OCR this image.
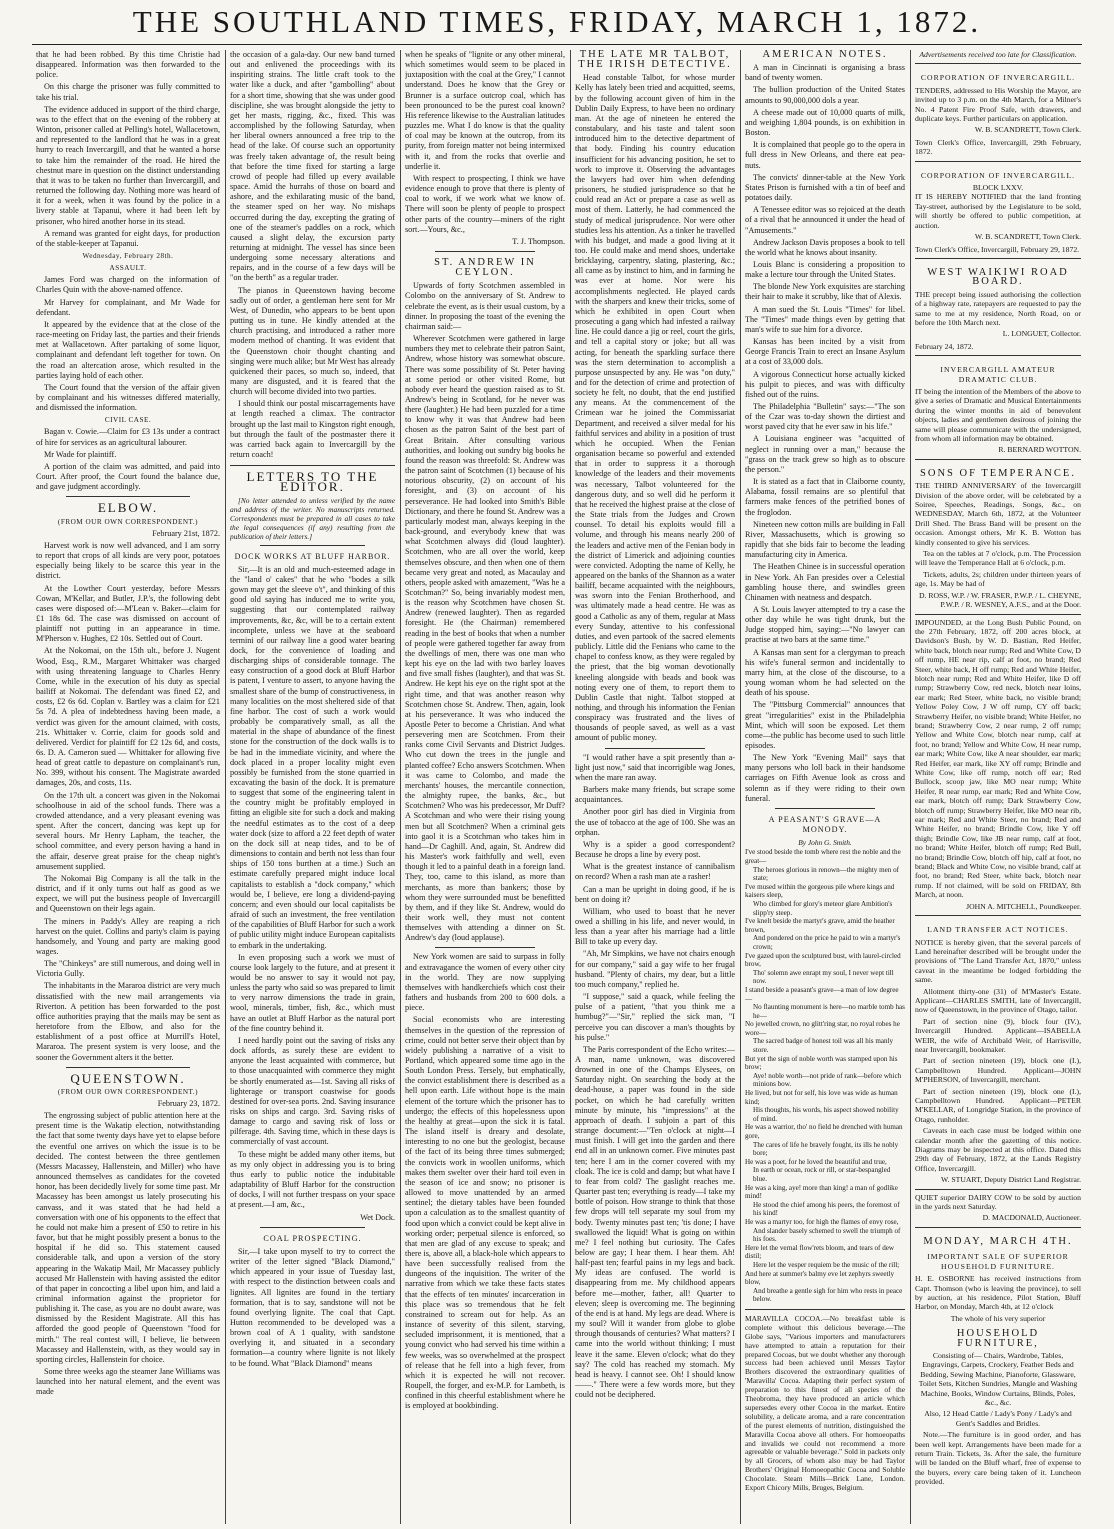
THE SOUTHLAND TIMES, FRIDAY, MARCH 1, 1872.

that he had been robbed. By this time Christie had disappeared. Information was then forwarded to the police.

On this charge the prisoner was fully committed to take his trial.

The evidence adduced in support of the third charge, was to the effect that on the evening of the robbery at Winton, prisoner called at Pelling's hotel, Wallacetown, and represented to the landlord that he was in a great hurry to reach Invercargill, and that he wanted a horse to take him the remainder of the road. He hired the chestnut mare in question on the distinct understanding that it was to be taken no further than Invercargill, and returned the following day. Nothing more was heard of it for a week, when it was found by the police in a livery stable at Tapanui, where it had been left by prisoner, who hired another horse in its stead.

A remand was granted for eight days, for production of the stable-keeper at Tapanui.

Wednesday, February 28th.
ASSAULT.

James Ford was charged on the information of Charles Quin with the above-named offence.

Mr Harvey for complainant, and Mr Wade for defendant.

It appeared by the evidence that at the close of the race-meeting on Friday last, the parties and their friends met at Wallacetown. After partaking of some liquor, complainant and defendant left together for town. On the road an altercation arose, which resulted in the parties laying hold of each other.

The Court found that the version of the affair given by complainant and his witnesses differed materially, and dismissed the information.

CIVIL CASE.

Bagan v. Cowie.—Claim for £3 13s under a contract of hire for services as an agricultural labourer.

Mr Wade for plaintiff.

A portion of the claim was admitted, and paid into Court. After proof, the Court found the balance due, and gave judgment accordingly.

ELBOW.
(FROM OUR OWN CORRESPONDENT.)
February 21st, 1872.

Harvest work is now well advanced, and I am sorry to report that crops of all kinds are very poor, potatoes especially being likely to be scarce this year in the district.

At the Lowther Court yesterday, before Messrs Cowan, M'Kellar, and Butler, J.P.'s, the following debt cases were disposed of:—M'Lean v. Baker—claim for £1 18s 6d. The case was dismissed on account of plaintiff not putting in an appearance in time. M'Pherson v. Hughes, £2 10s. Settled out of Court.

At the Nokomai, on the 15th ult., before J. Nugent Wood, Esq., R.M., Margaret Whittaker was charged with using threatening language to Charles Henry Come, while in the execution of his duty as special bailiff at Nokomai. The defendant was fined £2, and costs, £2 6s 6d. Coplan v. Bartley was a claim for £21 5s 7d. A plea of indebtedness having been made, a verdict was given for the amount claimed, with costs, 21s. Whittaker v. Corrie, claim for goods sold and delivered. Verdict for plaintiff for £2 12s 6d, and costs, 6s. D. A. Cameron sued — Whittaker for allowing five head of great cattle to depasture on complainant's run, No. 399, without his consent. The Magistrate awarded damages, 20s, and costs, 11s.

On the 17th ult. a concert was given in the Nokomai schoolhouse in aid of the school funds. There was a crowded attendance, and a very pleasant evening was spent. After the concert, dancing was kept up for several hours. Mr Henry Lapham, the teacher, the school committee, and every person having a hand in the affair, deserve great praise for the cheap night's amusement supplied.

The Nokomai Big Company is all the talk in the district, and if it only turns out half as good as we expect, we will put the business people of Invercargill and Queenstown on their legs again.

The miners in Paddy's Alley are reaping a rich harvest on the quiet. Collins and party's claim is paying handsomely, and Young and party are making good wages.

The "Chinkeys" are still numerous, and doing well in Victoria Gully.

The inhabitants in the Mararoa district are very much dissatisfied with the new mail arrangements via Riverton. A petition has been forwarded to the post office authorities praying that the mails may be sent as heretofore from the Elbow, and also for the establishment of a post office at Murrill's Hotel, Mararoa. The present system is very loose, and the sooner the Government alters it the better.

QUEENSTOWN.
(FROM OUR OWN CORRESPONDENT.)
February 23, 1872.

The engrossing subject of public attention here at the present time is the Wakatip election, notwithstanding the fact that some twenty days have yet to elapse before the eventful one arrives on which the issue is to be decided. The contest between the three gentlemen (Messrs Macassey, Hallenstein, and Miller) who have announced themselves as candidates for the coveted honor, has been decidedly lively for some time past. Mr Macassey has been amongst us lately prosecuting his canvass, and it was stated that he had held a conversation with one of his opponents to the effect that he could not make him a present of £50 to retire in his favor, but that he might possibly present a bonus to the hospital if he did so. This statement caused considerable talk, and upon a version of the story appearing in the Wakatip Mail, Mr Macassey publicly accused Mr Hallenstein with having assisted the editor of that paper in concocting a libel upon him, and laid a criminal information against the proprietor for publishing it. The case, as you are no doubt aware, was dismissed by the Resident Magistrate. All this has afforded the good people of Queenstown "food for mirth." The real contest will, I believe, lie between Macassey and Hallenstein, with, as they would say in sporting circles, Hallenstein for choice.

Some three weeks ago the steamer Jane Williams was launched into her natural element, and the event was made

the occasion of a gala-day. Our new band turned out and enlivened the proceedings with its inspiriting strains. The little craft took to the water like a duck, and after "gambolling" about for a short time, showing that she was under good discipline, she was brought alongside the jetty to get her masts, rigging, &c., fixed. This was accomplished by the following Saturday, when her liberal owners announced a free trip to the head of the lake. Of course such an opportunity was freely taken advantage of, the result being that before the time fixed for starting a large crowd of people had filled up every available space. Amid the hurrahs of those on board and ashore, and the exhilarating music of the band, the steamer sped on her way. No mishaps occurred during the day, excepting the grating of one of the steamer's paddles on a rock, which caused a slight delay, the excursion party returning at midnight. The vessel has since been undergoing some necessary alterations and repairs, and in the course of a few days will be "on the berth" as a regular trader.

The pianos in Queenstown having become sadly out of order, a gentleman here sent for Mr West, of Dunedin, who appears to be bent upon putting us in tune. He kindly attended at the church practising, and introduced a rather more modern method of chanting. It was evident that the Queenstown choir thought chanting and singing were much alike; but Mr West has already quickened their paces, so much so, indeed, that many are disgusted, and it is feared that the church will become divided into two parties.

I should think our postal miscarragements have at length reached a climax. The contractor brought up the last mail to Kingston right enough, but through the fault of the postmaster there it was carried back again to Invercargill by the return coach!

LETTERS TO THE EDITOR.

[No letter attended to unless verified by the name and address of the writer. No manuscripts returned. Correspondents must be prepared in all cases to take the legal consequences (if any) resulting from the publication of their letters.]

DOCK WORKS AT BLUFF HARBOR.

Sir,—It is an old and much-esteemed adage in the "land o' cakes" that he who "bodes a silk gown may get the sleeve o't", and thinking of this good old saying has induced me to write you, suggesting that our contemplated railway improvements, &c, &c, will be to a certain extent incomplete, unless we have at the seaboard termini of our railway line a good water bearing dock, for the convenience of loading and discharging ships of considerable tonnage. The easy construction of a good dock at Bluff Harbor is patent, I venture to assert, to anyone having the smallest share of the bump of constructiveness, in many localities on the most sheltered side of that fine harbor. The cost of such a work would probably be comparatively small, as all the material in the shape of abundance of the finest stone for the construction of the dock walls is to be had in the immediate vicinity, and where the dock placed in a proper locality might even possibly be furnished from the stone quarried in excavating the basin of the dock. It is premature to suggest that some of the engineering talent in the country might be profitably employed in fitting an eligible site for such a dock and making the needful estimates as to the cost of a deep water dock (size to afford a 22 feet depth of water on the dock sill at neap tides, and to be of dimensions to contain and berth not less than four ships of 150 tons burthen at a time.) Such an estimate carefully prepared might induce local capitalists to establish a "dock company," which would be, I believe, ere long a dividend-paying concern; and even should our local capitalists be afraid of such an investment, the free ventilation of the capabilities of Bluff Harbor for such a work of public utility might induce European capitalists to embark in the undertaking.

In even proposing such a work we must of course look largely to the future, and at present it would be no answer to say it would not pay, unless the party who said so was prepared to limit to very narrow dimensions the trade in grain, wool, minerals, timber, fish, &c., which must have an outlet at Bluff Harbor as the natural port of the fine country behind it.

I need hardly point out the saving of risks any dock affords, as surely these are evident to anyone the least acquainted with commerce, but to those unacquainted with commerce they might be shortly enumerated as—1st. Saving all risks of lighterage or transport coastwise for goods destined for over-sea ports. 2nd. Saving insurance risks on ships and cargo. 3rd. Saving risks of damage to cargo and saving risk of loss or pilferage. 4th. Saving time, which in these days is commercially of vast account.

To these might be added many other items, but as my only object in addressing you is to bring thus early to public notice the indubitable adaptability of Bluff Harbor for the construction of docks, I will not further trespass on your space at present.—I am, &c.,

Wet Dock.
COAL PROSPECTING.

Sir,—I take upon myself to try to correct the writer of the letter signed "Black Diamond," which appeared in your issue of Tuesday last, with respect to the distinction between coals and lignites. All lignites are found in the tertiary formation, that is to say, sandstone will not be found overlying lignite. The coal that Capt. Hutton recommended to be developed was a brown coal of A 1 quality, with sandstone overlying it, and situated in a secondary formation—a country where lignite is not likely to be found. What "Black Diamond" means

when he speaks of "lignite or any other mineral, which sometimes would seem to be placed in juxtaposition with the coal at the Grey," I cannot understand. Does he know that the Grey or Brunner is a surface outcrop coal, which has been pronounced to be the purest coal known? His reference likewise to the Australian latitudes puzzles me. What I do know is that the quality of coal may be known at the outcrop, from its purity, from foreign matter not being intermixed with it, and from the rocks that overlie and underlie it.

With respect to prospecting, I think we have evidence enough to prove that there is plenty of coal to work, if we work what we know of. There will soon be plenty of people to prospect other parts of the country—miners of the right sort.—Yours, &c.,

T. J. Thompson.
ST. ANDREW IN CEYLON.

Upwards of forty Scotchmen assembled in Colombo on the anniversary of St. Andrew to celebrate the event, as is their usual custom, by a dinner. In proposing the toast of the evening the chairman said:—

Wherever Scotchmen were gathered in large numbers they met to celebrate their patron Saint, Andrew, whose history was somewhat obscure. There was some possibility of St. Peter having at some period or other visited Rome, but nobody ever heard the question raised as to St. Andrew's being in Scotland, for he never was there (laughter.) He had been puzzled for a time to know why it was that Andrew had been chosen as the patron Saint of the best part of Great Britain. After consulting various authorities, and looking out sundry big books he found the reason was threefold: St. Andrew was the patron saint of Scotchmen (1) because of his notorious obscurity, (2) on account of his foresight, and (3) on account of his perseverance. He had looked into Smith's Bible Dictionary, and there he found St. Andrew was a particularly modest man, always keeping in the back-ground, and everybody knew that was what Scotchmen always did (loud laughter). Scotchmen, who are all over the world, keep themselves obscure, and then when one of them became very great and noted, as Macaulay and others, people asked with amazement, "Was he a Scotchman?" So, being invariably modest men, is the reason why Scotchmen have chosen St. Andrew (renewed laughter). Then as regarded foresight. He (the Chairman) remembered reading in the best of books that when a number of people were gathered together far away from the dwellings of men, there was one man who kept his eye on the lad with two barley loaves and five small fishes (laughter), and that was St. Andrew. He kept his eye on the right spot at the right time, and that was another reason why Scotchmen chose St. Andrew. Then, again, look at his perseverance. It was who induced the Apostle Peter to become a Christian. And what persevering men are Scotchmen. From their ranks come Civil Servants and District Judges. Who cut down the trees in the jungle and planted coffee? Echo answers Scotchmen. When it was came to Colombo, and made the merchants' houses, the mercantile connection, the almighty rupee, the banks, &c., but Scotchmen? Who was his predecessor, Mr Duff? A Scotchman and who were their rising young men but all Scotchmen? When a criminal gets into gaol it is a Scotchman who takes him in hand—Dr Caghill. And, again, St. Andrew did his Master's work faithfully and well, even though it led to a painful death in a foreign land. They, too, came to this island, as more than merchants, as more than bankers; those by whom they were surrounded must be benefitted by them, and if they like St. Andrew, would do their work well, they must not content themselves with attending a dinner on St. Andrew's day (loud applause).

New York women are said to surpass in folly and extravagance the women of every other city in the world. They are now supplying themselves with handkerchiefs which cost their fathers and husbands from 200 to 600 dols. a piece.

Social economists who are interesting themselves in the question of the repression of crime, could not better serve their object than by widely publishing a narrative of a visit to Portland, which appeared some time ago in the South London Press. Tersely, but emphatically, the convict establishment there is described as a hell upon earth. Life without hope is the main element of the torture which the prisoner has to undergo; the effects of this hopelessness upon the healthy at great—upon the sick it is fatal. The island itself is dreary and desolate, interesting to no one but the geologist, because of the fact of its being three times submerged; the convicts work in woollen uniforms, which makes them swelter over their hard toil even in the season of ice and snow; no prisoner is allowed to move unattended by an armed sentinel; the dietary tables have been founded upon a calculation as to the smallest quantity of food upon which a convict could be kept alive in working order; perpetual silence is enforced, so that men are glad of any excuse to speak; and there is, above all, a black-hole which appears to have been successfully realised from the dungeons of the inquisition. The writer of the narrative from which we take these facts states that the effects of ten minutes' incarceration in this place was so tremendous that he felt constrained to scream out for help. As an instance of severity of this silent, starving, secluded imprisonment, it is mentioned, that a young convict who had served his time within a few weeks, was so overwhelmed at the prospect of release that he fell into a high fever, from which it is expected he will not recover. Roupell, the forger, and ex-M.P. for Lambeth, is confined in this cheerful establishment where he is employed at bookbinding.

THE LATE MR TALBOT, THE IRISH DETECTIVE.

Head constable Talbot, for whose murder Kelly has lately been tried and acquitted, seems, by the following account given of him in the Dublin Daily Express, to have been no ordinary man. At the age of nineteen he entered the constabulary, and his taste and talent soon introduced him to the detective department of that body. Finding his country education insufficient for his advancing position, he set to work to improve it. Observing the advantages the lawyers had over him when defending prisoners, he studied jurisprudence so that he could read an Act or prepare a case as well as most of them. Latterly, he had commenced the study of medical jurisprudence. Nor were other studies less his attention. As a tinker he travelled with his budget, and made a good living at it too. He could make and mend shoes, undertake bricklaying, carpentry, slating, plastering, &c.; all came as by instinct to him, and in farming he was ever at home. Nor were his accomplishments neglected. He played cards with the sharpers and knew their tricks, some of which he exhibited in open Court when prosecuting a gang which had infested a railway line. He could dance a jig or reel, court the girls, and tell a capital story or joke; but all was acting, for beneath the sparkling surface there was the stern determination to accomplish a purpose unsuspected by any. He was "on duty," and for the detection of crime and protection of society he felt, no doubt, that the end justified any means. At the commencement of the Crimean war he joined the Commissariat Department, and received a silver medal for his faithful services and ability in a position of trust which he occupied. When the Fenian organisation became so powerful and extended that in order to suppress it a thorough knowledge of the leaders and their movements was necessary, Talbot volunteered for the dangerous duty, and so well did he perform it that he received the highest praise at the close of the State trials from the Judges and Crown counsel. To detail his exploits would fill a volume, and through his means nearly 200 of the leaders and active men of the Fenian body in the district of Limerick and adjoining counties were convicted. Adopting the name of Kelly, he appeared on the banks of the Shannon as a water bailiff, became acquainted with the neighbours, was sworn into the Fenian Brotherhood, and was ultimately made a head centre. He was as good a Catholic as any of them, regular at Mass every Sunday, attentive to his confessional duties, and even partook of the sacred elements publicly. Little did the Fenians who came to the chapel to confess know, as they were regaled by the priest, that the big woman devotionally kneeling alongside with beads and book was noting every one of them, to report them to Dublin Castle that night. Talbot stopped at nothing, and through his information the Fenian conspiracy was frustrated and the lives of thousands of people saved, as well as a vast amount of public money.

"I would rather have a spit presently than a-light just now," said that incorrigible wag Jones, when the mare ran away.

Barbers make many friends, but scrape some acquaintances.

Another poor girl has died in Virginia from the use of tobacco at the age of 100. She was an orphan.

Why is a spider a good correspondent? Because he drops a line by every post.

What is the greatest instance of cannibalism on record? When a rash man ate a rasher!

Can a man be upright in doing good, if he is bent on doing it?

William, who used to boast that he never owed a shilling in his life, and never would, in less than a year after his marriage had a little Bill to take up every day.

"Ah, Mr Simpkins, we have not chairs enough for our company," said a gay wife to her frugal husband. "Plenty of chairs, my dear, but a little too much company," replied he.

"I suppose," said a quack, while feeling the pulse of a patient, "that you think me a humbug?"—"Sir," replied the sick man, "I perceive you can discover a man's thoughts by his pulse."

The Paris correspondent of the Echo writes:—A man, name unknown, was discovered drowned in one of the Champs Elysees, on Saturday night. On searching the body at the dead-house, a paper was found in the side pocket, on which he had carefully written minute by minute, his "impressions" at the approach of death. I subjoin a part of this strange document:—"Ten o'clock at night—I must finish. I will get into the garden and there end all in an unknown corner. Five minutes past ten; here I am in the corner covered with my cloak. The ice is cold and damp; but what have I to fear from cold? The gaslight reaches me. Quarter past ten; everything is ready—I take my bottle of poison. How strange to think that those few drops will tell separate my soul from my body. Twenty minutes past ten; 'tis done; I have swallowed the liquid! What is going on within me? I feel nothing but curiosity. The Cafes below are gay; I hear them. I hear them. Ah! half-past ten; fearful pains in my legs and back. My ideas are confused. The world is disappearing from me. My childhood appears before me—mother, father, all! Quarter to eleven; sleep is overcoming me. The beginning of the end is at hand. My legs are dead. Where is my soul? Will it wander from globe to globe through thousands of centuries? What matters? I came into the world without thinking; I must leave it the same. Eleven o'clock; what do they say? The cold has reached my stomach. My head is heavy. I cannot see. Oh! I should know ——." There were a few words more, but they could not be deciphered.

AMERICAN NOTES.

A man in Cincinnati is organising a brass band of twenty women.

The bullion production of the United States amounts to 90,000,000 dols a year.

A cheese made out of 10,000 quarts of milk, and weighing 1,804 pounds, is on exhibition in Boston.

It is complained that people go to the opera in full dress in New Orleans, and there eat pea-nuts.

The convicts' dinner-table at the New York States Prison is furnished with a tin of beef and potatoes daily.

A Tenessee editor was so rejoiced at the death of a rival that he announced it under the head of "Amusements."

Andrew Jackson Davis proposes a book to tell the world what he knows about insanity.

Louis Blanc is considering a proposition to make a lecture tour through the United States.

The blonde New York exquisites are starching their hair to make it scrubby, like that of Alexis.

A man sued the St. Louis "Times" for libel. The "Times" made things even by getting that man's wife to sue him for a divorce.

Kansas has been incited by a visit from George Francis Train to erect an Insane Asylum at a cost of 33,000 dols.

A vigorous Connecticut horse actually kicked his pulpit to pieces, and was with difficulty fished out of the ruins.

The Philadelphia "Bulletin" says:—"The son of the Czar was to-day shown the dirtiest and worst paved city that he ever saw in his life."

A Louisiana engineer was "acquitted of neglect in running over a man," because the "grass on the track grew so high as to obscure the person."

It is stated as a fact that in Claiborne county, Alabama, fossil remains are so plentiful that farmers make fences of the petrified bones of the froglodon.

Nineteen new cotton mills are building in Fall River, Massachusetts, which is growing so rapidly that she bids fair to become the leading manufacturing city in America.

The Heathen Chinee is in successful operation in New York. Ah Fan presides over a Celestial gambling house there, and swindles green Chinamen with neatness and despatch.

A St. Louis lawyer attempted to try a case the other day while he was tight drunk, but the Judge stopped him, saying:—"No lawyer can practise at two bars at the same time."

A Kansas man sent for a clergyman to preach his wife's funeral sermon and incidentally to marry him, at the close of the discourse, to a young woman whom he had selected on the death of his spouse.

The "Pittsburg Commercial" announces that great "irregularities" exist in the Philadelphia Mint, which will soon be exposed. Let them come—the public has become used to such little episodes.

The New York "Evening Mail" says that many persons who loll back in their handsome carriages on Fifth Avenue look as cross and solemn as if they were riding to their own funeral.

A PEASANT'S GRAVE—A MONODY.
By John G. Smith.
I've stood beside the tomb where rest the noble and the great—
The heroes glorious in renown—the mighty men of state;
I've mused within the gorgeous pile where kings and kaisers sleep,
Who climbed for glory's meteor glare Ambition's slipp'ry steep.
I've knelt beside the martyr's grave, amid the heather brown,
And pondered on the price he paid to win a martyr's crown;
I've gazed upon the sculptured bust, with laurel-circled brow,
Tho' solemn awe enrapt my soul, I never wept till now.
I stand beside a peasant's grave—a man of low degree—
No flaunting monument is here—no marble tomb has he—
No jewelled crown, no glitt'ring star, no royal robes he wore—
The sacred badge of honest toil was all his manly store.
But yet the sign of noble worth was stamped upon his brow;
Aye! noble worth—not pride of rank—before which minions bow.
He lived, but not for self, his love was wide as human kind;
His thoughts, his words, his aspect showed nobility of mind.
He was a warrior, tho' no field he drenched with human gore,
The cares of life he bravely fought, its ills he nobly bore;
He was a poet, for he loved the beautiful and true,
In earth or ocean, rock or rill, or star-bespangled blue.
He was a king, aye! more than king! a man of godlike mind!
He stood the chief among his peers, the foremost of his kind!
He was a martyr too, for high the flames of envy rose,
And slander basely schemed to swell the triumph of his foes.
Here let the vernal flow'rets bloom, and tears of dew distil;
Here let the vesper requiem be the music of the rill;
And here at summer's balmy eve let zephyrs sweetly blow,
And breathe a gentle sigh for him who rests in peace below.

MARAVILLA COCOA.—No breakfast table is complete without this delicious beverage.—The Globe says, "Various importers and manufacturers have attempted to attain a reputation for their prepared Cocoas, but we doubt whether any thorough success had been achieved until Messrs Taylor Brothers discovered the extraordinary qualities of 'Maravilla' Cocoa. Adapting their perfect system of preparation to this finest of all species of the Theobroma, they have produced an article which supersedes every other Cocoa in the market. Entire solubility, a delicate aroma, and a rare concentration of the purest elements of nutrition, distinguished the Maravilla Cocoa above all others. For homoeopaths and invalids we could not recommend a more agreeable or valuable beverage." Sold in packets only by all Grocers, of whom also may be had Taylor Brothers' Original Homoeopathic Cocoa and Soluble Chocolate. Steam Mills—Brick Lane, London. Export Chicory Mills, Bruges, Belgium.

Advertisements received too late for Classification.
CORPORATION OF INVERCARGILL.

TENDERS, addressed to His Worship the Mayor, are invited up to 3 p.m. on the 4th March, for a Milner's No. 4 Patent Fire Proof Safe, with drawers, and duplicate keys. Further particulars on application.

W. B. SCANDRETT, Town Clerk.

Town Clerk's Office, Invercargill, 29th February, 1872.

CORPORATION OF INVERCARGILL.
BLOCK LXXV.

IT IS HEREBY NOTIFIED that the land fronting Tay-street, authorised by the Legislature to be sold, will shortly be offered to public competition, at auction.

W. B. SCANDRETT, Town Clerk.

Town Clerk's Office, Invercargill, February 29, 1872.

WEST WAIKIWI ROAD BOARD.

THE precept being issued authorising the collection of a highway rate, ratepayers are requested to pay the same to me at my residence, North Road, on or before the 10th March next.

L. LONGUET, Collector.

February 24, 1872.

INVERCARGILL AMATEUR DRAMATIC CLUB.

IT being the intention of the Members of the above to give a series of Dramatic and Musical Entertainments during the winter months in aid of benevolent objects, ladies and gentlemen desirous of joining the same will please communicate with the undersigned, from whom all information may be obtained.

R. BERNARD WOTTON.
SONS OF TEMPERANCE.

THE THIRD ANNIVERSARY of the Invercargill Division of the above order, will be celebrated by a Soiree, Speeches, Readings, Songs, &c., on WEDNESDAY, March 6th, 1872, at the Volunteer Drill Shed. The Brass Band will be present on the occasion. Amongst others, Mr K. B. Wotton has kindly consented to give his services.

Tea on the tables at 7 o'clock, p.m. The Procession will leave the Temperance Hall at 6 o'clock, p.m.

Tickets, adults, 2s; children under thirteen years of age, 1s. May be had of

D. ROSS, W.P. / W. FRASER, P.W.P. / L. CHEYNE, P.W.P. / R. WESNEY, A.F.S., and at the Door.

IMPOUNDED, at the Long Bush Public Pound, on the 27th February, 1872, off 200 acres block, at Davidson's Bush, by W. D. Bastian, Red Heifer, white back, blotch near rump; Red and White Cow, D off rump, HE near rip, calf at foot, no brand; Red Steer, white back, H off rump; Red and White Heifer, blotch near rump; Red and White Heifer, like D off rump; Strawberry Cow, red neck, blotch near loins, ear mark; Red Steer, white back, no visible brand; Yellow Poley Cow, J W off rump, CY off back; Strawberry Heifer, no visible brand; White Heifer, no brand; Strawberry Cow, 2 near rump, 2 off rump; Yellow and White Cow, blotch near rump, calf at foot, no brand; Yellow and White Cow, H near rump, ear mark; White Cow, like A near shoulder, ear mark; Red Heifer, ear mark, like XY off rump; Brindle and White Cow, like off rump, notch off ear; Red Bullock, scoop jaw, like MO near rump; White Heifer, R near rump, ear mark; Red and White Cow, ear mark, blotch off rump; Dark Strawberry Cow, blotch off rump; Strawberry Heifer, like MO near rib, ear mark; Red and White Steer, no brand; Red and White Heifer, no brand; Brindle Cow, like Y off thigh; Brindle Cow, like JB near rump, calf at foot, no brand; White Heifer, blotch off rump; Red Bull, no brand; Brindle Cow, blotch off hip, calf at foot, no brand; Black and White Cow, no visible brand, calf at foot, no brand; Red Steer, white back, blotch near rump. If not claimed, will be sold on FRIDAY, 8th March, at noon.

JOHN A. MITCHELL, Poundkeeper.
LAND TRANSFER ACT NOTICES.

NOTICE is hereby given, that the several parcels of Land hereinafter described will be brought under the provisions of "The Land Transfer Act, 1870," unless caveat in the meantime be lodged forbidding the same.

Allotment thirty-one (31) of M'Master's Estate. Applicant—CHARLES SMITH, late of Invercargill, now of Queenstown, in the province of Otago, tailor.

Part of section nine (9), block four (IV.), Invercargill Hundred. Applicant—ISABELLA WEIR, the wife of Archibald Weir, of Harrisville, near Invercargill, bookmaker.

Part of section nineteen (19), block one (I.), Campbelltown Hundred. Applicant—JOHN M'PHERSON, of Invercargill, merchant.

Part of section nineteen (19), block one (I.), Campbelltown Hundred. Applicant—PETER M'KELLAR, of Longridge Station, in the province of Otago, runholder.

Caveats in each case must be lodged within one calendar month after the gazetting of this notice. Diagrams may be inspected at this office. Dated this 29th day of February, 1872, at the Lands Registry Office, Invercargill.

W. STUART, Deputy District Land Registrar.

QUIET superior DAIRY COW to be sold by auction in the yards next Saturday.

D. MACDONALD, Auctioneer.
MONDAY, MARCH 4TH.
IMPORTANT SALE OF SUPERIOR HOUSEHOLD FURNITURE.

H. E. OSBORNE has received instructions from Capt. Thomson (who is leaving the province), to sell by auction, at his residence, Pilot Station, Bluff Harbor, on Monday, March 4th, at 12 o'clock

The whole of his very superior
HOUSEHOLD FURNITURE,

Consisting of— Chairs, Wardrobe, Tables, Engravings, Carpets, Crockery, Feather Beds and Bedding, Sewing Machine, Pianoforte, Glassware, Toilet Sets, Kitchen Sundries, Mangle and Washing Machine, Books, Window Curtains, Blinds, Poles, &c., &c.

Also, 12 Head Cattle / Lady's Pony / Lady's and Gent's Saddles and Bridles.

Note.—The furniture is in good order, and has been well kept. Arrangements have been made for a return Train. Tickets, 3s. After the sale, the furniture will be landed on the Bluff wharf, free of expense to the buyers, every care being taken of it. Luncheon provided.
